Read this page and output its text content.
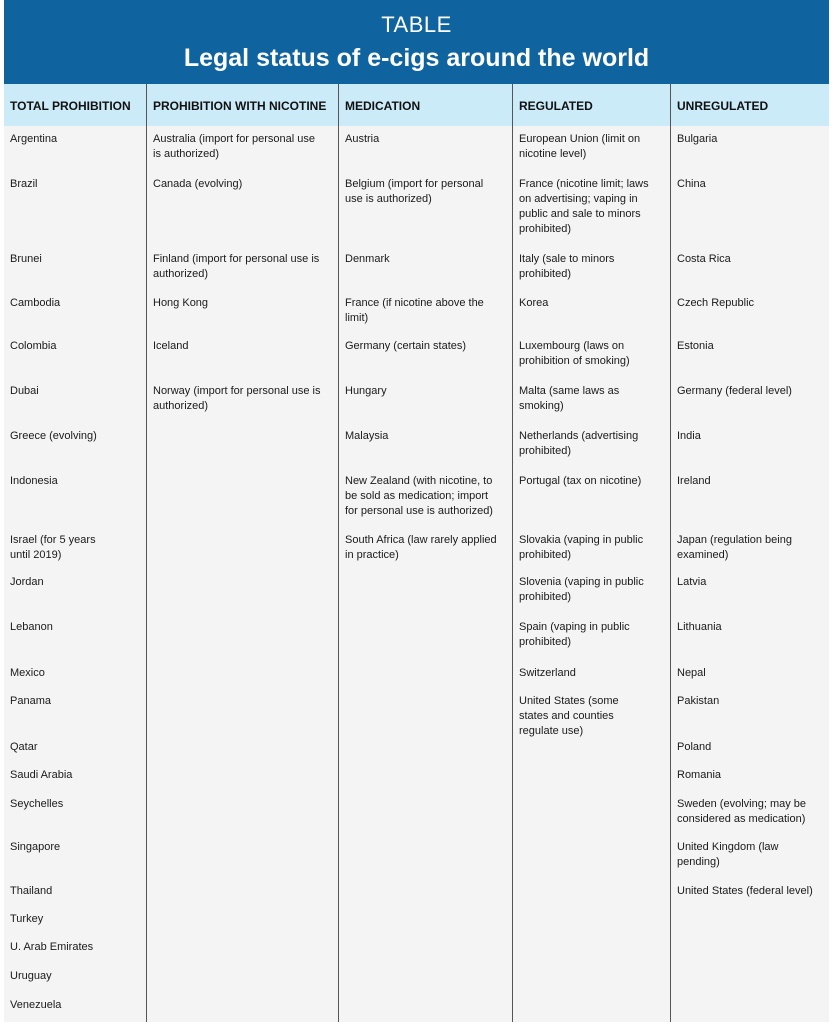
TABLE
Legal status of e-cigs around the world
TOTAL PROHIBITION
Argentina
Brazil
Brunei
Cambodia
Colombia
Dubai
Greece (evolving)
Indonesia
Israel (for 5 years until 2019)
Jordan
Lebanon
Mexico
Panama
Qatar
Saudi Arabia
Seychelles
Singapore
Thailand
Turkey
U. Arab Emirates
Uruguay
Venezuela
PROHIBITION WITH NICOTINE
Australia (import for personal use is authorized)
Canada (evolving)
Finland (import for personal use is authorized)
Hong Kong
Iceland
Norway (import for personal use is authorized)
MEDICATION
Austria
Belgium (import for personal use is authorized)
Denmark
France (if nicotine above the limit)
Germany (certain states)
Hungary
Malaysia
New Zealand (with nicotine, to be sold as medication; import for personal use is authorized)
South Africa (law rarely applied in practice)
REGULATED
European Union (limit on nicotine level)
France (nicotine limit; laws on advertising; vaping in public and sale to minors prohibited)
Italy (sale to minors prohibited)
Korea
Luxembourg (laws on prohibition of smoking)
Malta (same laws as smoking)
Netherlands (advertising prohibited)
Portugal (tax on nicotine)
Slovakia (vaping in public prohibited)
Slovenia (vaping in public prohibited)
Spain (vaping in public prohibited)
Switzerland
United States (some states and counties regulate use)
UNREGULATED
Bulgaria
China
Costa Rica
Czech Republic
Estonia
Germany (federal level)
India
Ireland
Japan (regulation being examined)
Latvia
Lithuania
Nepal
Pakistan
Poland
Romania
Sweden (evolving; may be considered as medication)
United Kingdom (law pending)
United States (federal level)
